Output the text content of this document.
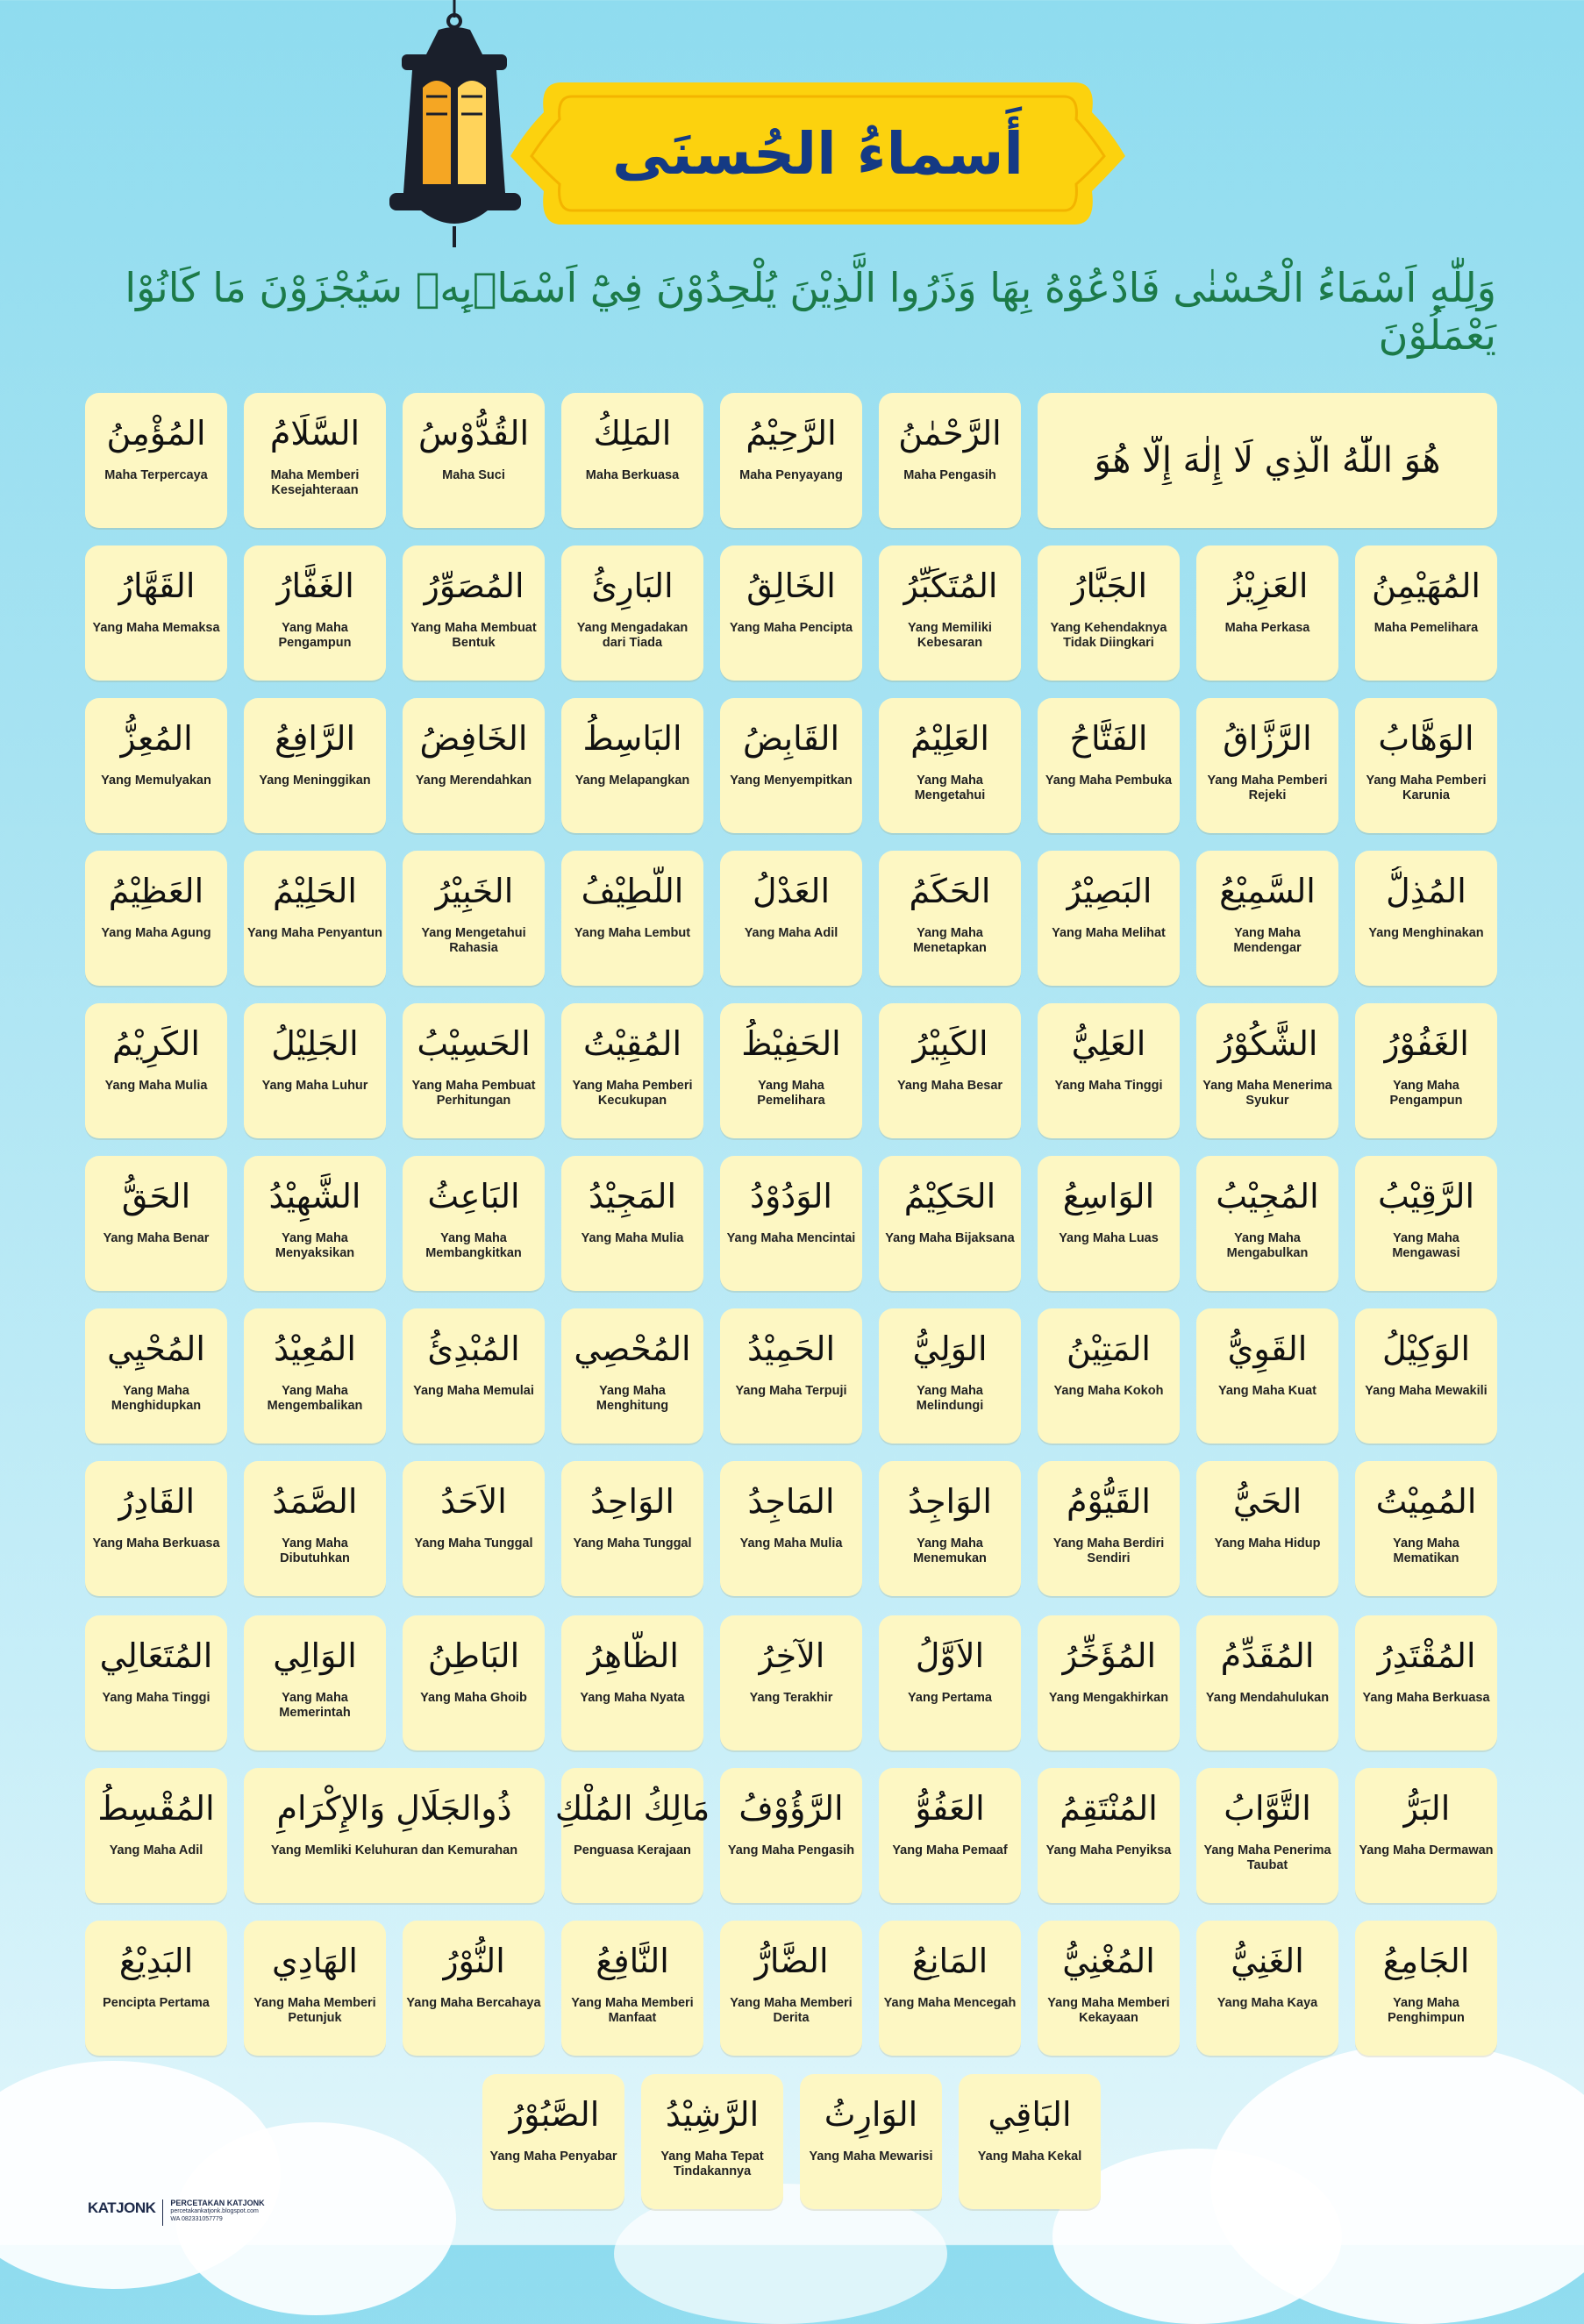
أَسماءُ الحُسنَى
وَلِلّٰهِ اَسْمَاءُ الْحُسْنٰى فَادْعُوْهُ بِهَا وَذَرُوا الَّذِيْنَ يُلْحِدُوْنَ فِيْٓ اَسْمَاۤىِٕهٖ سَيُجْزَوْنَ مَا كَانُوْا يَعْمَلُوْنَ
هُوَ اللّٰهُ الَّذِي لَا إِلٰهَ إِلَّا هُوَ
الرَّحْمٰنُ
Maha Pengasih
الرَّحِيْمُ
Maha Penyayang
المَلِكُ
Maha Berkuasa
القُدُّوْسُ
Maha Suci
السَّلَامُ
Maha Memberi Kesejahteraan
المُؤْمِنُ
Maha Terpercaya
المُهَيْمِنُ
Maha Pemelihara
العَزِيْزُ
Maha Perkasa
الجَبَّارُ
Yang Kehendaknya Tidak Diingkari
المُتَكَبِّرُ
Yang Memiliki Kebesaran
الخَالِقُ
Yang Maha Pencipta
البَارِئُ
Yang Mengadakan dari Tiada
المُصَوِّرُ
Yang Maha Membuat Bentuk
الغَفَّارُ
Yang Maha Pengampun
القَهَّارُ
Yang Maha Memaksa
الوَهَّابُ
Yang Maha Pemberi Karunia
الرَّزَّاقُ
Yang Maha Pemberi Rejeki
الفَتَّاحُ
Yang Maha Pembuka
العَلِيْمُ
Yang Maha Mengetahui
القَابِضُ
Yang Menyempitkan
البَاسِطُ
Yang Melapangkan
الخَافِضُ
Yang Merendahkan
الرَّافِعُ
Yang Meninggikan
المُعِزُّ
Yang Memulyakan
المُذِلُّ
Yang Menghinakan
السَّمِيْعُ
Yang Maha Mendengar
البَصِيْرُ
Yang Maha Melihat
الحَكَمُ
Yang Maha Menetapkan
العَدْلُ
Yang Maha Adil
اللَّطِيْفُ
Yang Maha Lembut
الخَبِيْرُ
Yang Mengetahui Rahasia
الحَلِيْمُ
Yang Maha Penyantun
العَظِيْمُ
Yang Maha Agung
الغَفُوْرُ
Yang Maha Pengampun
الشَّكُوْرُ
Yang Maha Menerima Syukur
العَلِيُّ
Yang Maha Tinggi
الكَبِيْرُ
Yang Maha Besar
الحَفِيْظُ
Yang Maha Pemelihara
المُقِيْتُ
Yang Maha Pemberi Kecukupan
الحَسِيْبُ
Yang Maha Pembuat Perhitungan
الجَلِيْلُ
Yang Maha Luhur
الكَرِيْمُ
Yang Maha Mulia
الرَّقِيْبُ
Yang Maha Mengawasi
المُجِيْبُ
Yang Maha Mengabulkan
الوَاسِعُ
Yang Maha Luas
الحَكِيْمُ
Yang Maha Bijaksana
الوَدُوْدُ
Yang Maha Mencintai
المَجِيْدُ
Yang Maha Mulia
البَاعِثُ
Yang Maha Membangkitkan
الشَّهِيْدُ
Yang Maha Menyaksikan
الحَقُّ
Yang Maha Benar
الوَكِيْلُ
Yang Maha Mewakili
القَوِيُّ
Yang Maha Kuat
المَتِيْنُ
Yang Maha Kokoh
الوَلِيُّ
Yang Maha Melindungi
الحَمِيْدُ
Yang Maha Terpuji
المُحْصِي
Yang Maha Menghitung
المُبْدِئُ
Yang Maha Memulai
المُعِيْدُ
Yang Maha Mengembalikan
المُحْيِي
Yang Maha Menghidupkan
المُمِيْتُ
Yang Maha Mematikan
الحَيُّ
Yang Maha Hidup
القَيُّوْمُ
Yang Maha Berdiri Sendiri
الوَاجِدُ
Yang Maha Menemukan
المَاجِدُ
Yang Maha Mulia
الوَاحِدُ
Yang Maha Tunggal
الاَحَدُ
Yang Maha Tunggal
الصَّمَدُ
Yang Maha Dibutuhkan
القَادِرُ
Yang Maha Berkuasa
المُقْتَدِرُ
Yang Maha Berkuasa
المُقَدِّمُ
Yang Mendahulukan
المُؤَخِّرُ
Yang Mengakhirkan
الاَوَّلُ
Yang Pertama
الآخِرُ
Yang Terakhir
الظَّاهِرُ
Yang Maha Nyata
البَاطِنُ
Yang Maha Ghoib
الوَالِي
Yang Maha Memerintah
المُتَعَالِي
Yang Maha Tinggi
البَرُّ
Yang Maha Dermawan
التَّوَّابُ
Yang Maha Penerima Taubat
المُنْتَقِمُ
Yang Maha Penyiksa
العَفُوُّ
Yang Maha Pemaaf
الرَّؤُوْفُ
Yang Maha Pengasih
مَالِكُ المُلْكِ
Penguasa Kerajaan
ذُوالجَلَالِ وَالإِكْرَامِ
Yang Memliki Keluhuran dan Kemurahan
المُقْسِطُ
Yang Maha Adil
الجَامِعُ
Yang Maha Penghimpun
الغَنِيُّ
Yang Maha Kaya
المُغْنِيُّ
Yang Maha Memberi Kekayaan
المَانِعُ
Yang Maha Mencegah
الضَّارُّ
Yang Maha Memberi Derita
النَّافِعُ
Yang Maha Memberi Manfaat
النُّوْرُ
Yang Maha Bercahaya
الهَادِي
Yang Maha Memberi Petunjuk
البَدِيْعُ
Pencipta Pertama
البَاقِي
Yang Maha Kekal
الوَارِثُ
Yang Maha Mewarisi
الرَّشِيْدُ
Yang Maha Tepat Tindakannya
الصَّبُوْرُ
Yang Maha Penyabar
KATJONK PERCETAKAN KATJONK
percetakankatjonk.blogspot.com
WA 082331057779
